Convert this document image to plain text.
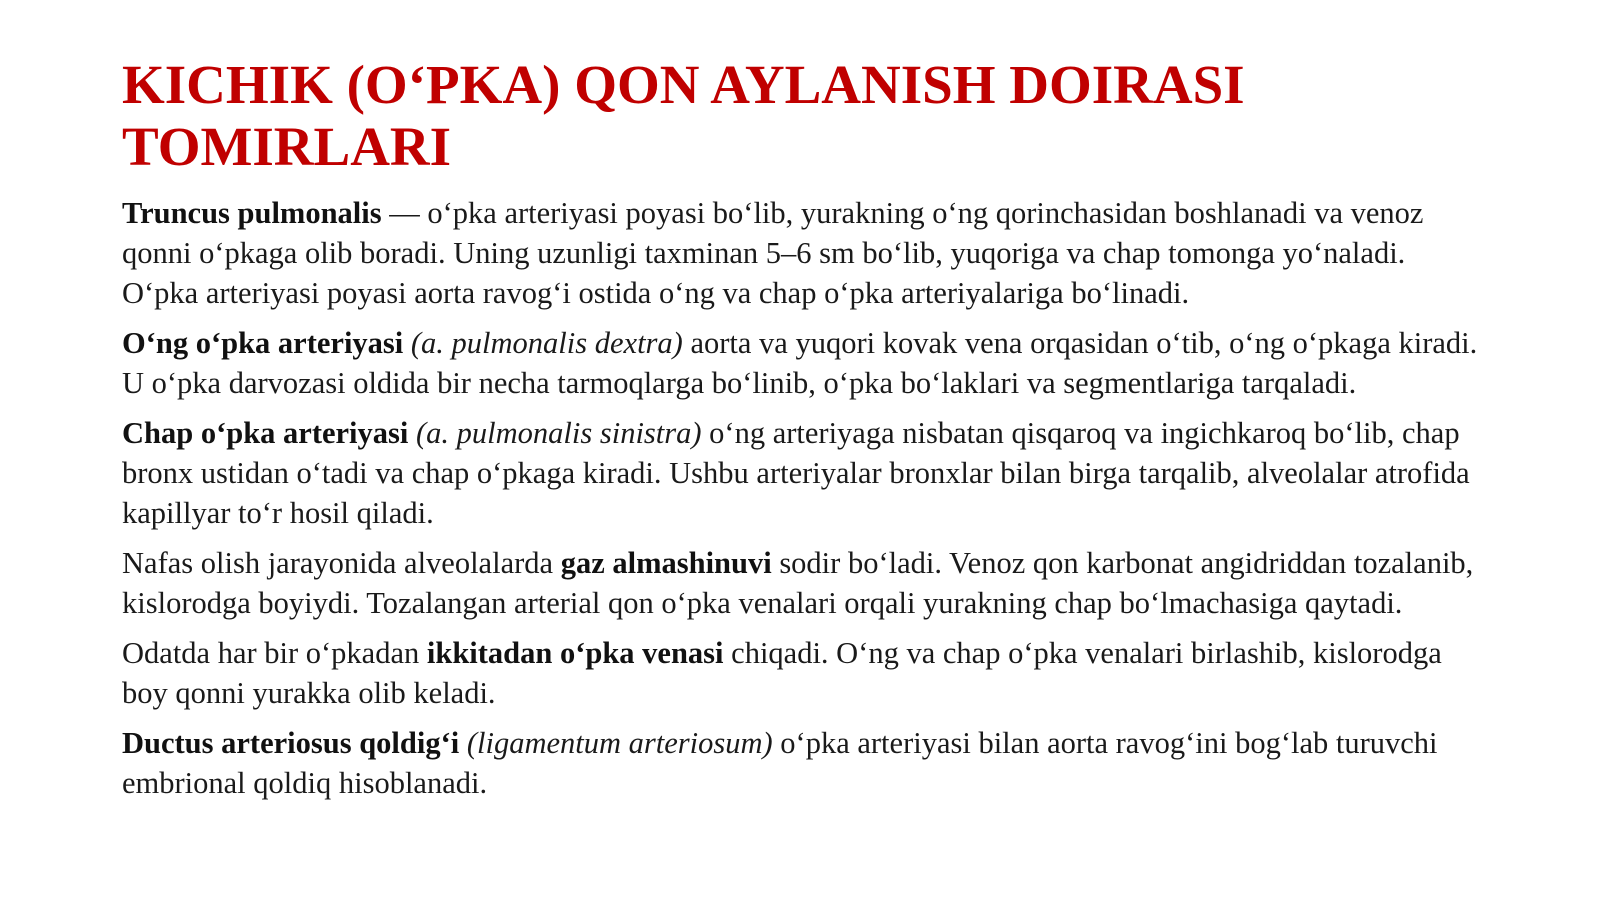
KICHIK (O‘PKA) QON AYLANISH DOIRASI
TOMIRLARI

Truncus pulmonalis — o‘pka arteriyasi poyasi bo‘lib, yurakning o‘ng qorinchasidan boshlanadi va venoz qonni o‘pkaga olib boradi. Uning uzunligi taxminan 5–6 sm bo‘lib, yuqoriga va chap tomonga yo‘naladi. O‘pka arteriyasi poyasi aorta ravog‘i ostida o‘ng va chap o‘pka arteriyalariga bo‘linadi.

O‘ng o‘pka arteriyasi (a. pulmonalis dextra) aorta va yuqori kovak vena orqasidan o‘tib, o‘ng o‘pkaga kiradi. U o‘pka darvozasi oldida bir necha tarmoqlarga bo‘linib, o‘pka bo‘laklari va segmentlariga tarqaladi.

Chap o‘pka arteriyasi (a. pulmonalis sinistra) o‘ng arteriyaga nisbatan qisqaroq va ingichkaroq bo‘lib, chap bronx ustidan o‘tadi va chap o‘pkaga kiradi. Ushbu arteriyalar bronxlar bilan birga tarqalib, alveolalar atrofida kapillyar to‘r hosil qiladi.

Nafas olish jarayonida alveolalarda gaz almashinuvi sodir bo‘ladi. Venoz qon karbonat angidriddan tozalanib, kislorodga boyiydi. Tozalangan arterial qon o‘pka venalari orqali yurakning chap bo‘lmachasiga qaytadi.

Odatda har bir o‘pkadan ikkitadan o‘pka venasi chiqadi. O‘ng va chap o‘pka venalari birlashib, kislorodga boy qonni yurakka olib keladi.

Ductus arteriosus qoldig‘i (ligamentum arteriosum) o‘pka arteriyasi bilan aorta ravog‘ini bog‘lab turuvchi embrional qoldiq hisoblanadi.
